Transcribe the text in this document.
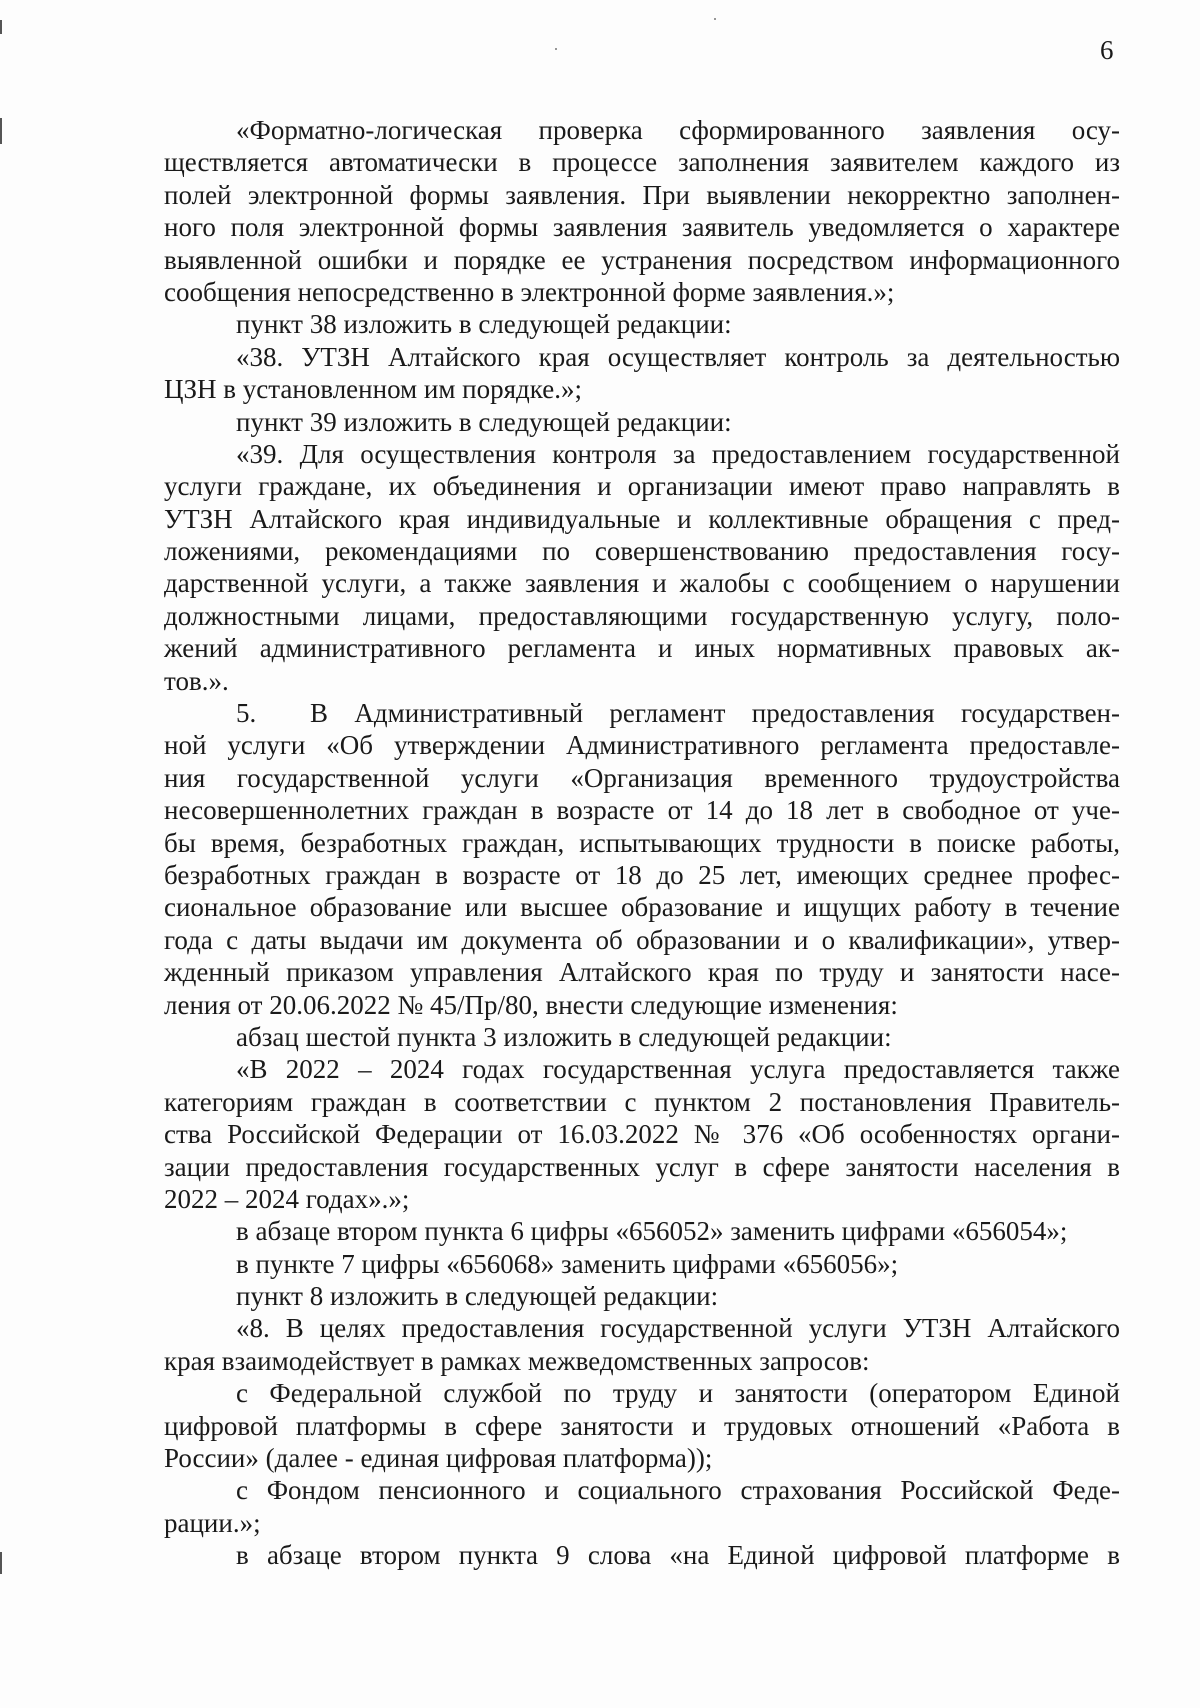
6
«Форматно-логическая проверка сформированного заявления осу-
ществляется автоматически в процессе заполнения заявителем каждого из
полей электронной формы заявления. При выявлении некорректно заполнен-
ного поля электронной формы заявления заявитель уведомляется о характере
выявленной ошибки и порядке ее устранения посредством информационного
сообщения непосредственно в электронной форме заявления.»;
пункт 38 изложить в следующей редакции:
«38. УТЗН Алтайского края осуществляет контроль за деятельностью
ЦЗН в установленном им порядке.»;
пункт 39 изложить в следующей редакции:
«39. Для осуществления контроля за предоставлением государственной
услуги граждане, их объединения и организации имеют право направлять в
УТЗН Алтайского края индивидуальные и коллективные обращения с пред-
ложениями, рекомендациями по совершенствованию предоставления госу-
дарственной услуги, а также заявления и жалобы с сообщением о нарушении
должностными лицами, предоставляющими государственную услугу, поло-
жений административного регламента и иных нормативных правовых ак-
тов.».
5. В Административный регламент предоставления государствен-
ной услуги «Об утверждении Административного регламента предоставле-
ния государственной услуги «Организация временного трудоустройства
несовершеннолетних граждан в возрасте от 14 до 18 лет в свободное от уче-
бы время, безработных граждан, испытывающих трудности в поиске работы,
безработных граждан в возрасте от 18 до 25 лет, имеющих среднее профес-
сиональное образование или высшее образование и ищущих работу в течение
года с даты выдачи им документа об образовании и о квалификации», утвер-
жденный приказом управления Алтайского края по труду и занятости насе-
ления от 20.06.2022 № 45/Пр/80, внести следующие изменения:
абзац шестой пункта 3 изложить в следующей редакции:
«В 2022 – 2024 годах государственная услуга предоставляется также
категориям граждан в соответствии с пунктом 2 постановления Правитель-
ства Российской Федерации от 16.03.2022 № 376 «Об особенностях органи-
зации предоставления государственных услуг в сфере занятости населения в
2022 – 2024 годах».»;
в абзаце втором пункта 6 цифры «656052» заменить цифрами «656054»;
в пункте 7 цифры «656068» заменить цифрами «656056»;
пункт 8 изложить в следующей редакции:
«8. В целях предоставления государственной услуги УТЗН Алтайского
края взаимодействует в рамках межведомственных запросов:
с Федеральной службой по труду и занятости (оператором Единой
цифровой платформы в сфере занятости и трудовых отношений «Работа в
России» (далее - единая цифровая платформа));
с Фондом пенсионного и социального страхования Российской Феде-
рации.»;
в абзаце втором пункта 9 слова «на Единой цифровой платформе в
